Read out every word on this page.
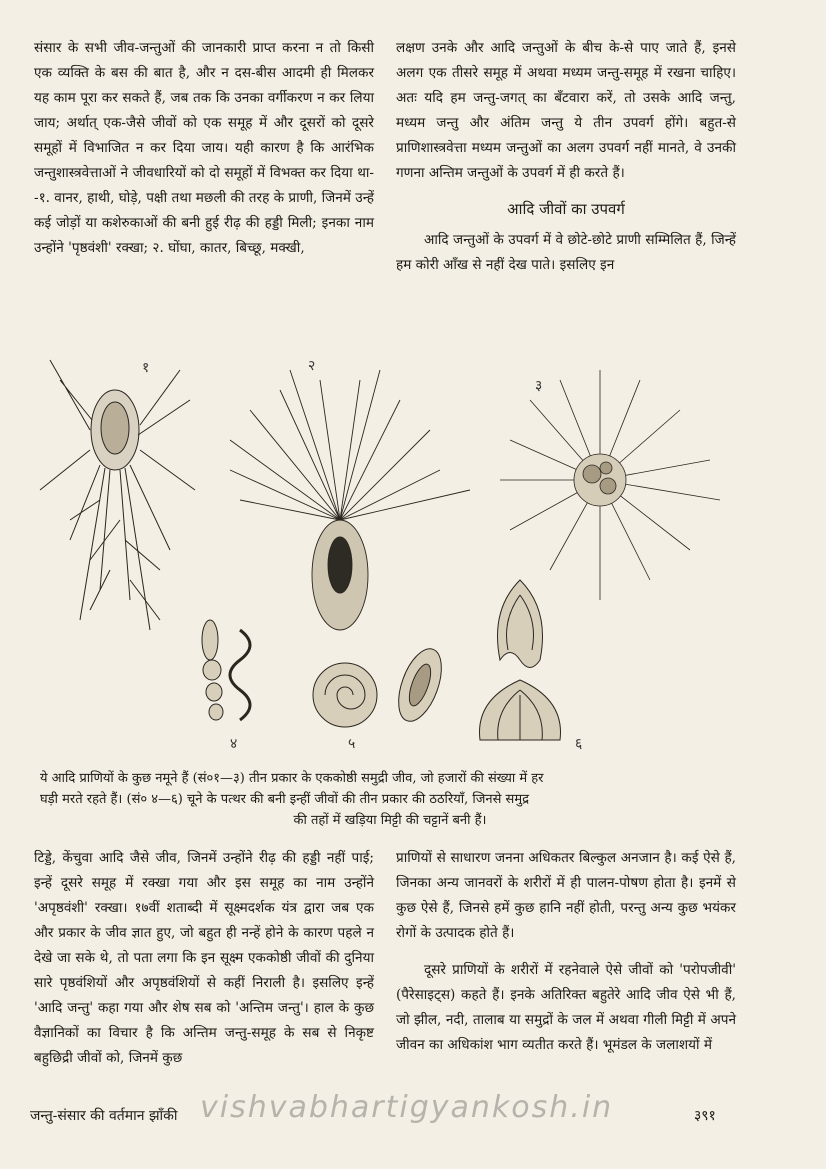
संसार के सभी जीव-जन्तुओं की जानकारी प्राप्त करना न तो किसी एक व्यक्ति के बस की बात है, और न दस-बीस आदमी ही मिलकर यह काम पूरा कर सकते हैं, जब तक कि उनका वर्गीकरण न कर लिया जाय; अर्थात् एक-जैसे जीवों को एक समूह में और दूसरों को दूसरे समूहों में विभाजित न कर दिया जाय। यही कारण है कि आरंभिक जन्तुशास्त्रवेत्ताओं ने जीवधारियों को दो समूहों में विभक्त कर दिया था--१. वानर, हाथी, घोड़े, पक्षी तथा मछली की तरह के प्राणी, जिनमें उन्हें कई जोड़ों या कशेरुकाओं की बनी हुई रीढ़ की हड्डी मिली; इनका नाम उन्होंने 'पृष्ठवंशी' रक्खा; २. घोंघा, कातर, बिच्छू, मक्खी,

लक्षण उनके और आदि जन्तुओं के बीच के-से पाए जाते हैं, इनसे अलग एक तीसरे समूह में अथवा मध्यम जन्तु-समूह में रखना चाहिए। अतः यदि हम जन्तु-जगत् का बँटवारा करें, तो उसके आदि जन्तु, मध्यम जन्तु और अंतिम जन्तु ये तीन उपवर्ग होंगे। बहुत-से प्राणिशास्त्रवेत्ता मध्यम जन्तुओं का अलग उपवर्ग नहीं मानते, वे उनकी गणना अन्तिम जन्तुओं के उपवर्ग में ही करते हैं।

आदि जीवों का उपवर्ग

आदि जन्तुओं के उपवर्ग में वे छोटे-छोटे प्राणी सम्मिलित हैं, जिन्हें हम कोरी आँख से नहीं देख पाते। इसलिए इन

१	२
३
४	५	६
ये आदि प्राणियों के कुछ नमूने हैं (सं०१—३) तीन प्रकार के एककोष्ठी समुद्री जीव, जो हजारों की संख्या में हर
घड़ी मरते रहते हैं। (सं० ४—६) चूने के पत्थर की बनी इन्हीं जीवों की तीन प्रकार की ठठरियाँ, जिनसे समुद्र
की तहों में खड़िया मिट्टी की चट्टानें बनी हैं।

टिड्डे, केंचुवा आदि जैसे जीव, जिनमें उन्होंने रीढ़ की हड्डी नहीं पाई; इन्हें दूसरे समूह में रक्खा गया और इस समूह का नाम उन्होंने 'अपृष्ठवंशी' रक्खा। १७वीं शताब्दी में सूक्ष्मदर्शक यंत्र द्वारा जब एक और प्रकार के जीव ज्ञात हुए, जो बहुत ही नन्हें होने के कारण पहले न देखे जा सके थे, तो पता लगा कि इन सूक्ष्म एककोष्ठी जीवों की दुनिया सारे पृष्ठवंशियों और अपृष्ठवंशियों से कहीं निराली है। इसलिए इन्हें 'आदि जन्तु' कहा गया और शेष सब को 'अन्तिम जन्तु'। हाल के कुछ वैज्ञानिकों का विचार है कि अन्तिम जन्तु-समूह के सब से निकृष्ट बहुछिद्री जीवों को, जिनमें कुछ

प्राणियों से साधारण जनना अधिकतर बिल्कुल अनजान है। कई ऐसे हैं, जिनका अन्य जानवरों के शरीरों में ही पालन-पोषण होता है। इनमें से कुछ ऐसे हैं, जिनसे हमें कुछ हानि नहीं होती, परन्तु अन्य कुछ भयंकर रोगों के उत्पादक होते हैं।

दूसरे प्राणियों के शरीरों में रहनेवाले ऐसे जीवों को 'परोपजीवी' (पैरेसाइट्स) कहते हैं। इनके अतिरिक्त बहुतेरे आदि जीव ऐसे भी हैं, जो झील, नदी, तालाब या समुद्रों के जल में अथवा गीली मिट्टी में अपने जीवन का अधिकांश भाग व्यतीत करते हैं। भूमंडल के जलाशयों में

vishvabhartigyankosh.in
जन्तु-संसार की वर्तमान झाँकी	३९१
